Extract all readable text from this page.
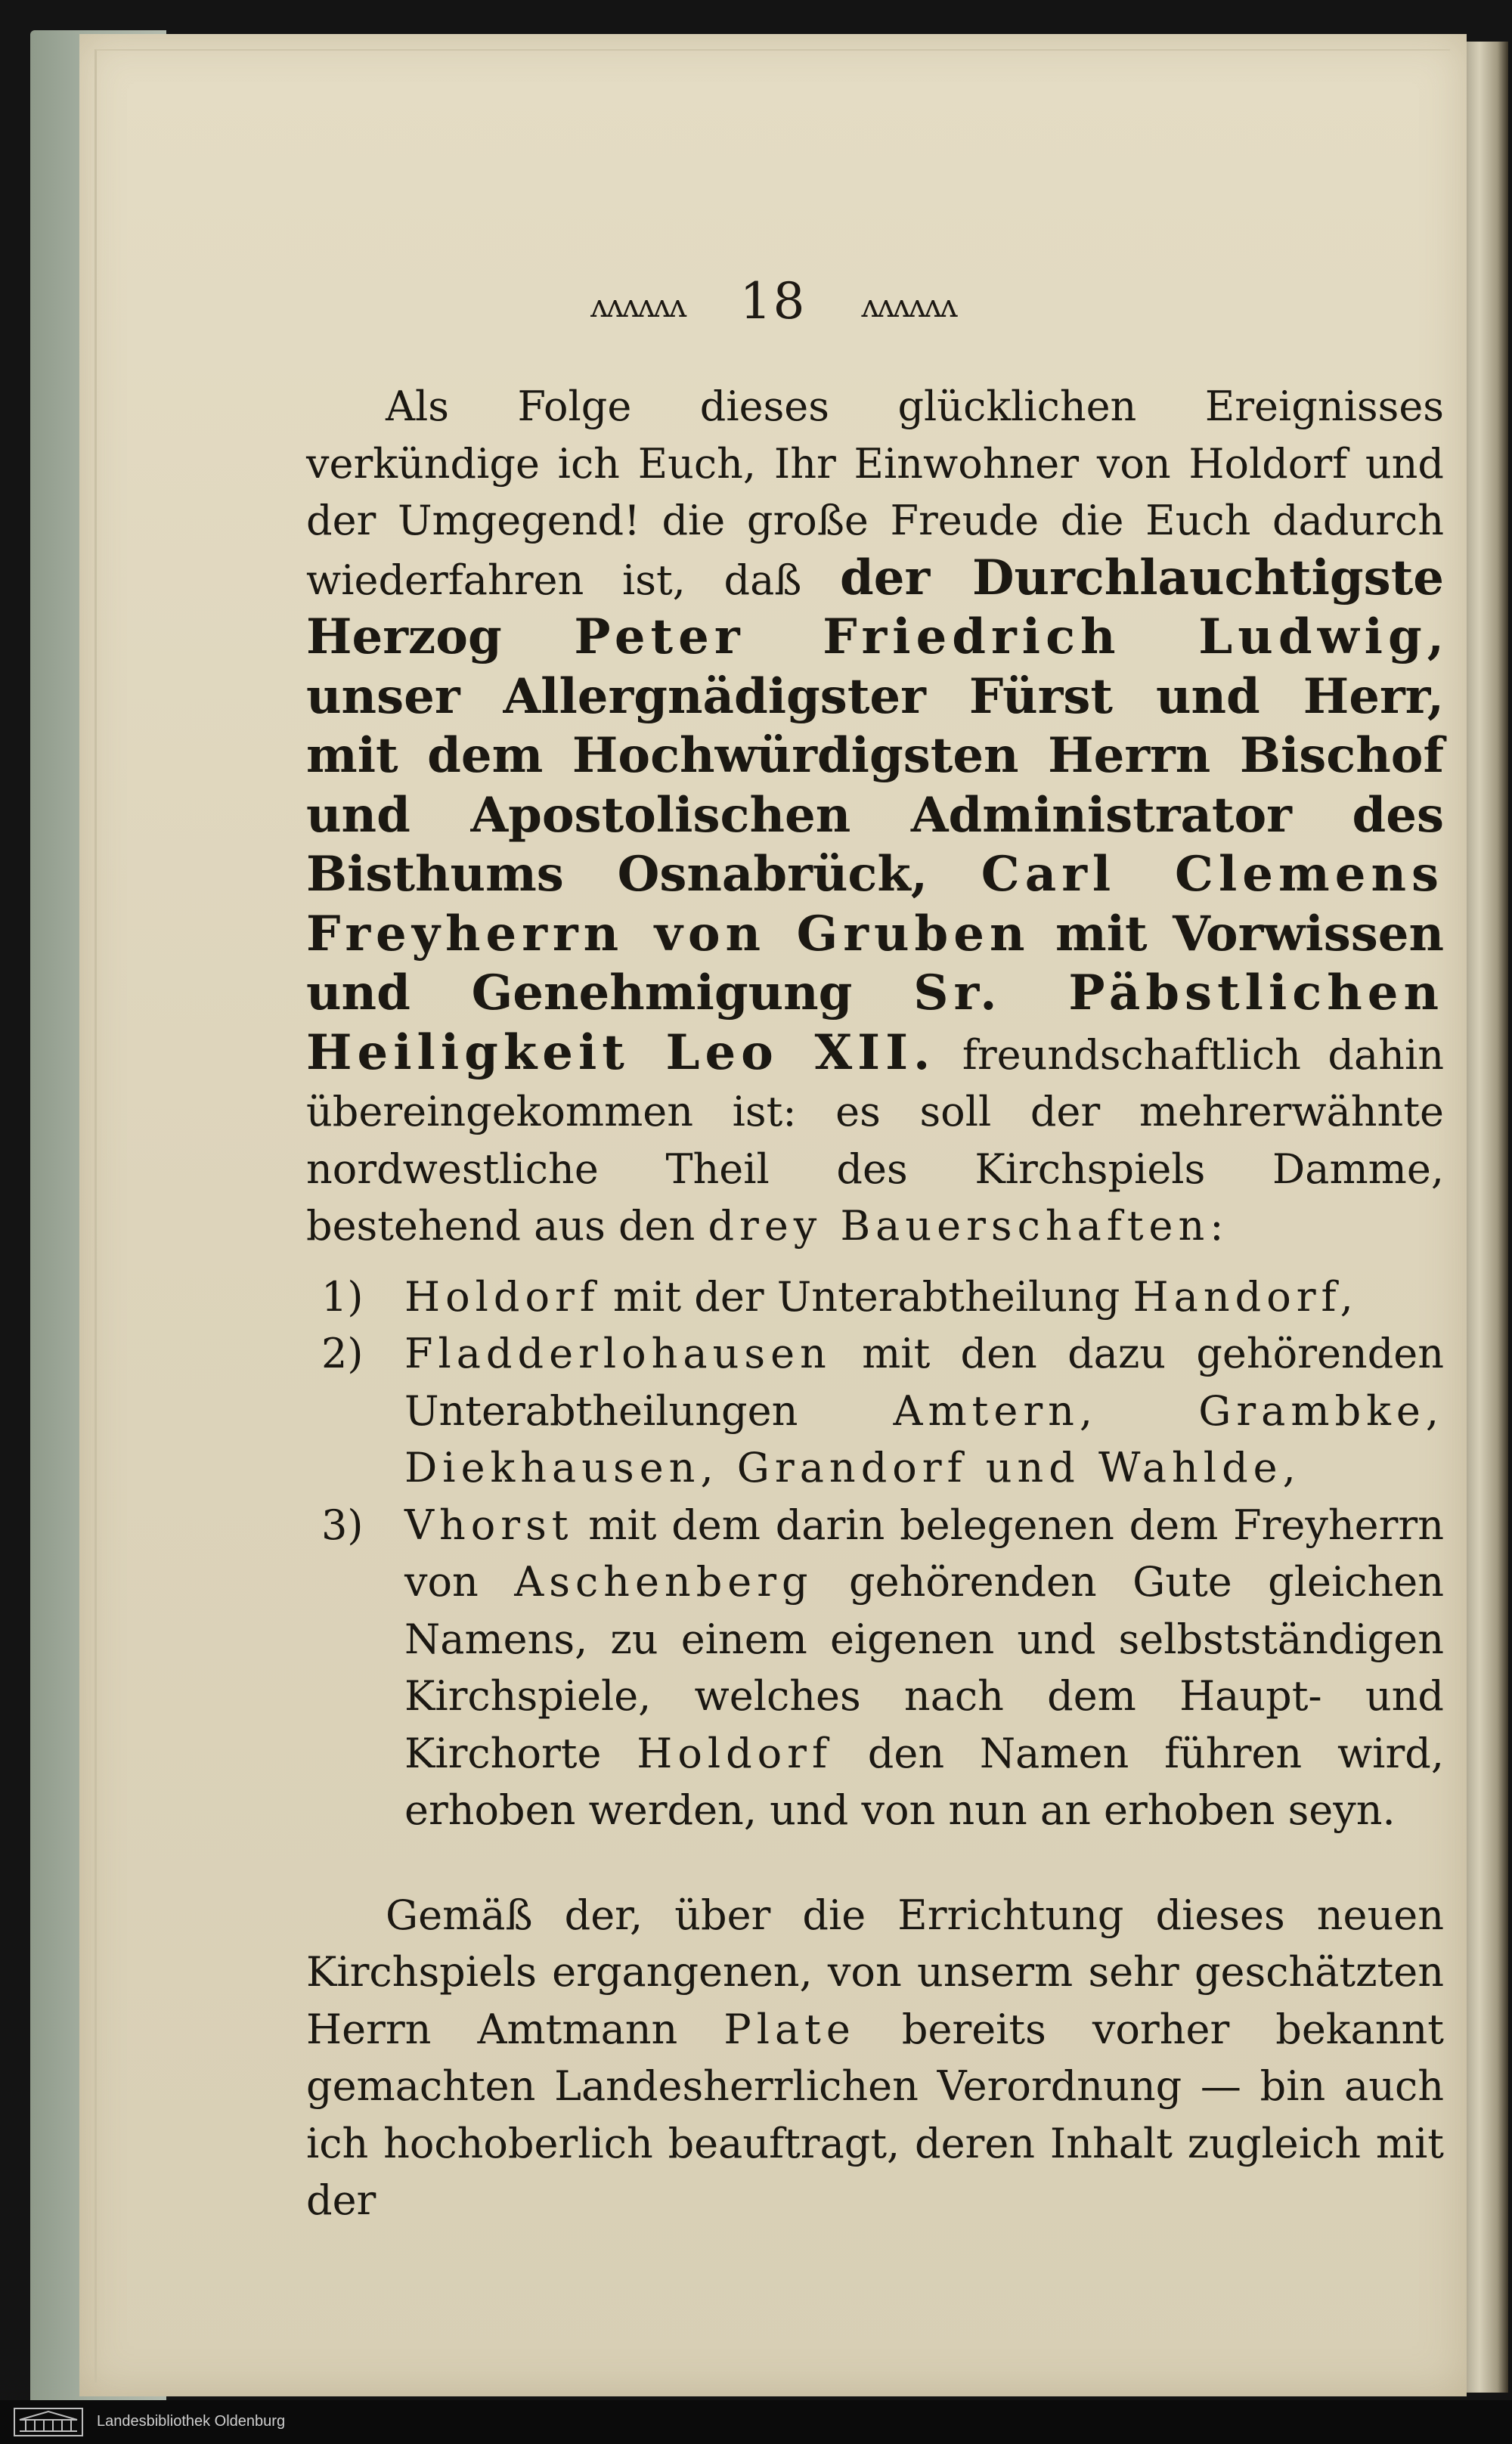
ʌʌʌʌʌʌ 18 ʌʌʌʌʌʌ

Als Folge dieses glücklichen Ereignisses verkündige ich Euch, Ihr Einwohner von Holdorf und der Umgegend! die große Freude die Euch dadurch wiederfahren ist, daß der Durchlauchtigste Herzog Peter Friedrich Ludwig, unser Allergnädigster Fürst und Herr, mit dem Hochwürdigsten Herrn Bischof und Apostolischen Administrator des Bisthums Osnabrück, Carl Clemens Freyherrn von Gruben mit Vorwissen und Genehmigung Sr. Päbstlichen Heiligkeit Leo XII. freundschaftlich dahin übereingekommen ist: es soll der mehrerwähnte nordwestliche Theil des Kirchspiels Damme, bestehend aus den drey Bauerschaften:

1) Holdorf mit der Unterabtheilung Handorf,
2) Fladderlohausen mit den dazu gehörenden Unterabtheilungen Amtern, Grambke, Diekhausen, Grandorf und Wahlde,
3) Vhorst mit dem darin belegenen dem Freyherrn von Aschenberg gehörenden Gute gleichen Namens, zu einem eigenen und selbstständigen Kirchspiele, welches nach dem Haupt- und Kirchorte Holdorf den Namen führen wird, erhoben werden, und von nun an erhoben seyn.

Gemäß der, über die Errichtung dieses neuen Kirchspiels ergangenen, von unserm sehr geschätzten Herrn Amtmann Plate bereits vorher bekannt gemachten Landesherrlichen Verordnung — bin auch ich hochoberlich beauftragt, deren Inhalt zugleich mit der

Landesbibliothek Oldenburg
